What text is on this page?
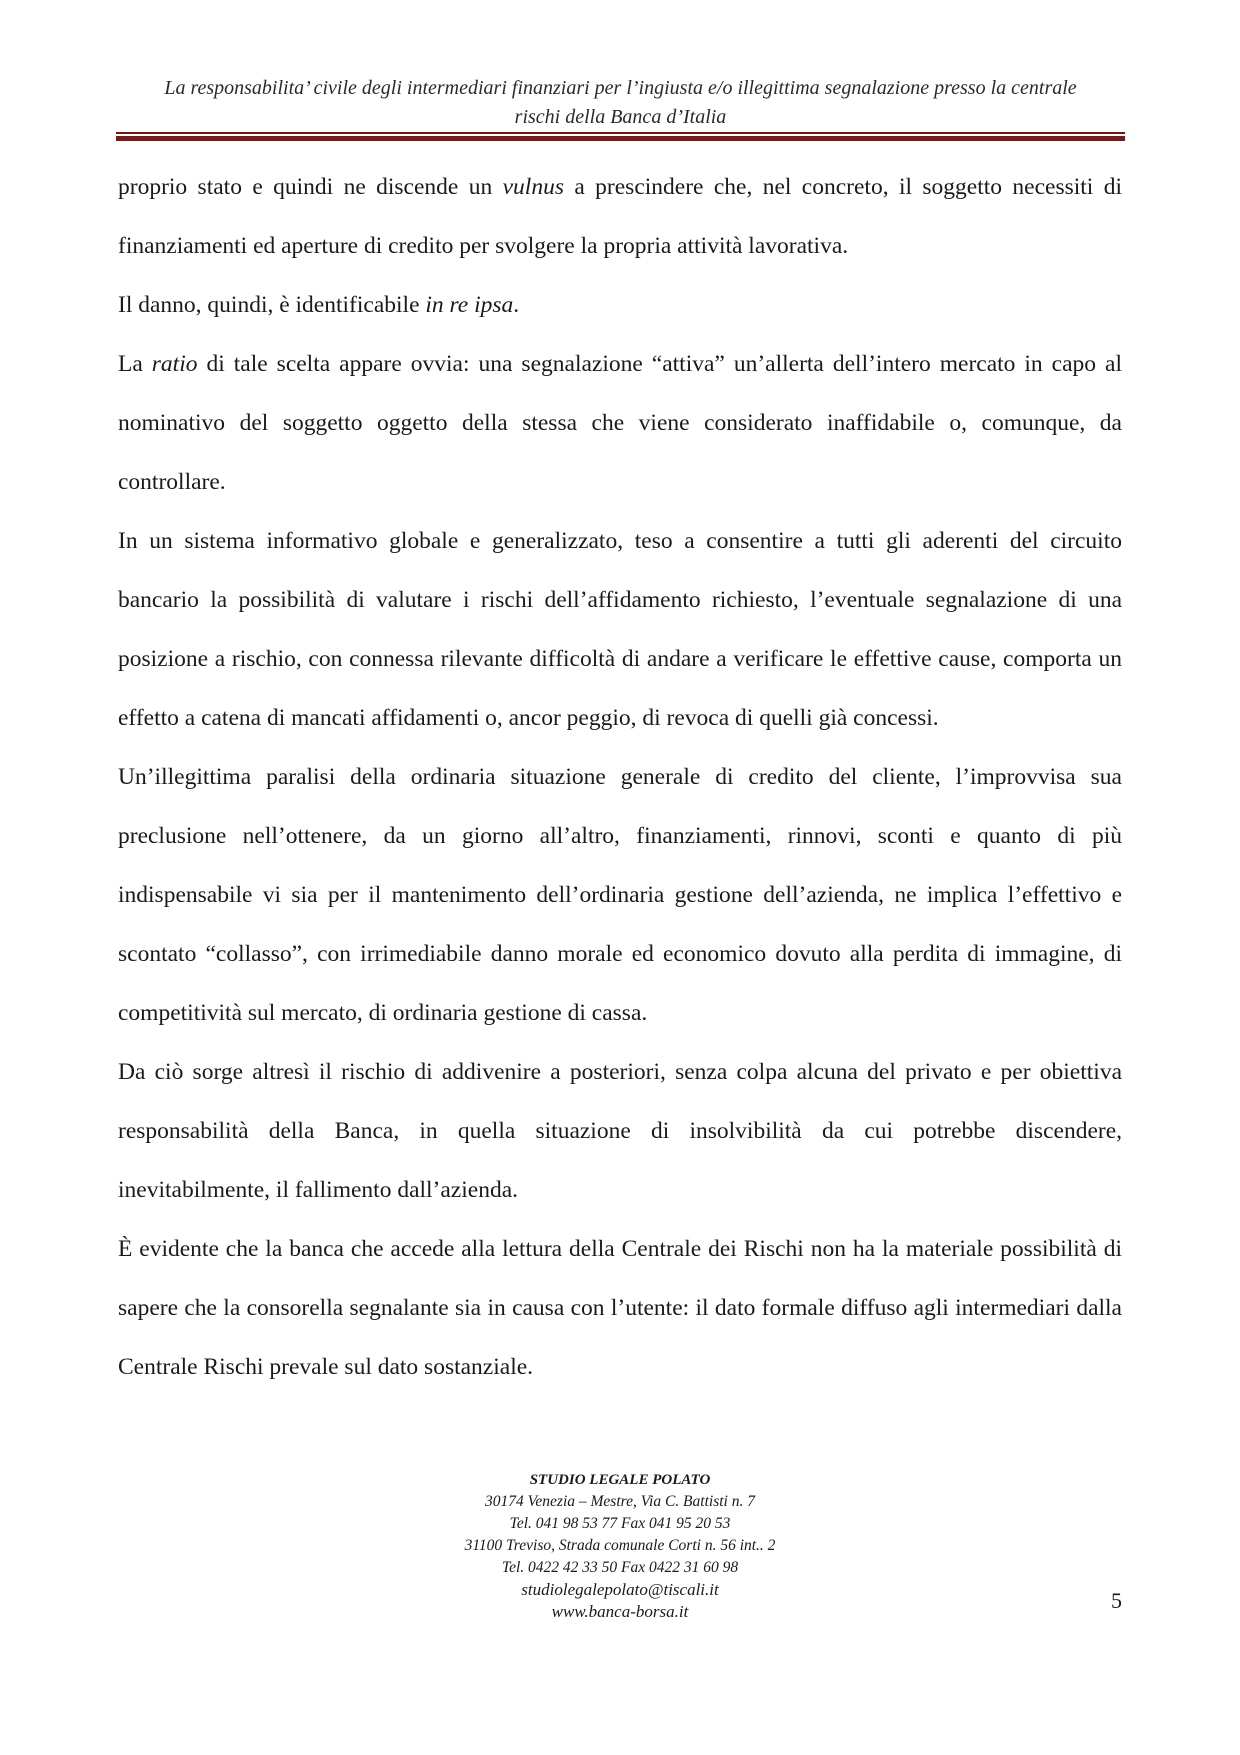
La responsabilita’ civile degli intermediari finanziari per l’ingiusta e/o illegittima segnalazione presso la centrale
rischi della Banca d’Italia

proprio stato e quindi ne discende un vulnus a prescindere che, nel concreto, il soggetto necessiti di finanziamenti ed aperture di credito per svolgere la propria attività lavorativa.

Il danno, quindi, è identificabile in re ipsa.

La ratio di tale scelta appare ovvia: una segnalazione “attiva” un’allerta dell’intero mercato in capo al nominativo del soggetto oggetto della stessa che viene considerato inaffidabile o, comunque, da controllare.

In un sistema informativo globale e generalizzato, teso a consentire a tutti gli aderenti del circuito bancario la possibilità di valutare i rischi dell’affidamento richiesto, l’eventuale segnalazione di una posizione a rischio, con connessa rilevante difficoltà di andare a verificare le effettive cause, comporta un effetto a catena di mancati affidamenti o, ancor peggio, di revoca di quelli già concessi.

Un’illegittima paralisi della ordinaria situazione generale di credito del cliente, l’improvvisa sua preclusione nell’ottenere, da un giorno all’altro, finanziamenti, rinnovi, sconti e quanto di più indispensabile vi sia per il mantenimento dell’ordinaria gestione dell’azienda, ne implica l’effettivo e scontato “collasso”, con irrimediabile danno morale ed economico dovuto alla perdita di immagine, di competitività sul mercato, di ordinaria gestione di cassa.

Da ciò sorge altresì il rischio di addivenire a posteriori, senza colpa alcuna del privato e per obiettiva responsabilità della Banca, in quella situazione di insolvibilità da cui potrebbe discendere, inevitabilmente, il fallimento dall’azienda.

È evidente che la banca che accede alla lettura della Centrale dei Rischi non ha la materiale possibilità di sapere che la consorella segnalante sia in causa con l’utente: il dato formale diffuso agli intermediari dalla Centrale Rischi prevale sul dato sostanziale.

STUDIO LEGALE POLATO
30174 Venezia – Mestre, Via C. Battisti n. 7
Tel. 041 98 53 77 Fax 041 95 20 53
31100 Treviso, Strada comunale Corti n. 56 int.. 2
Tel. 0422 42 33 50 Fax 0422 31 60 98
studiolegalepolato@tiscali.it
www.banca-borsa.it	5
